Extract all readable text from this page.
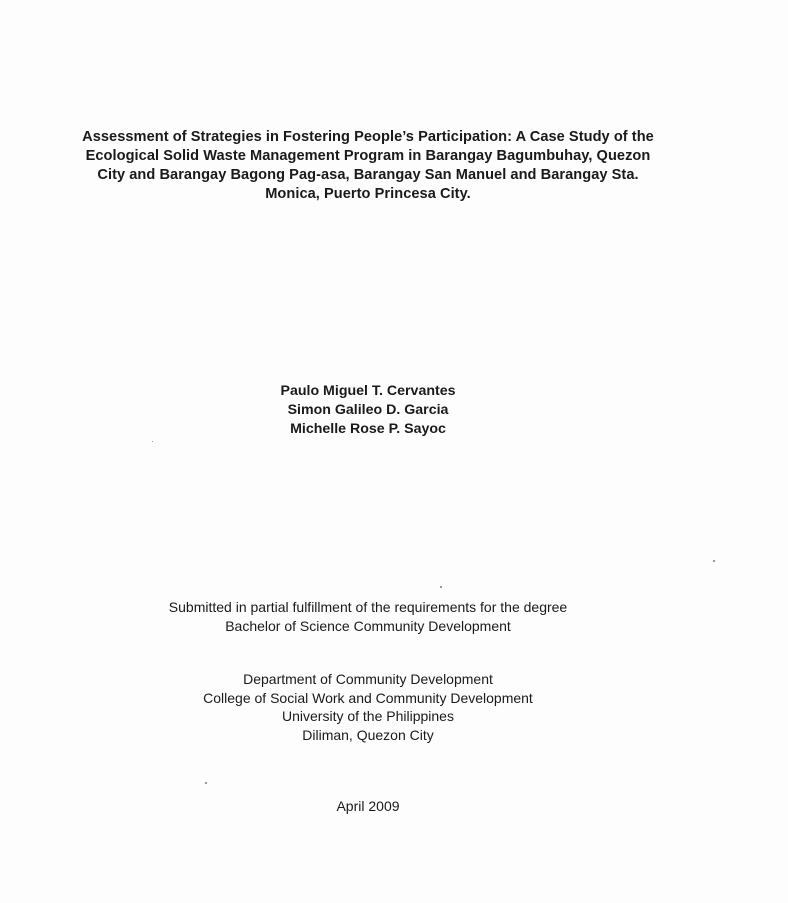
Assessment of Strategies in Fostering People’s Participation: A Case Study of the
Ecological Solid Waste Management Program in Barangay Bagumbuhay, Quezon
City and Barangay Bagong Pag-asa, Barangay San Manuel and Barangay Sta.
Monica, Puerto Princesa City.
Paulo Miguel T. Cervantes
Simon Galileo D. Garcia
Michelle Rose P. Sayoc
Submitted in partial fulfillment of the requirements for the degree
Bachelor of Science Community Development
Department of Community Development
College of Social Work and Community Development
University of the Philippines
Diliman, Quezon City
April 2009
